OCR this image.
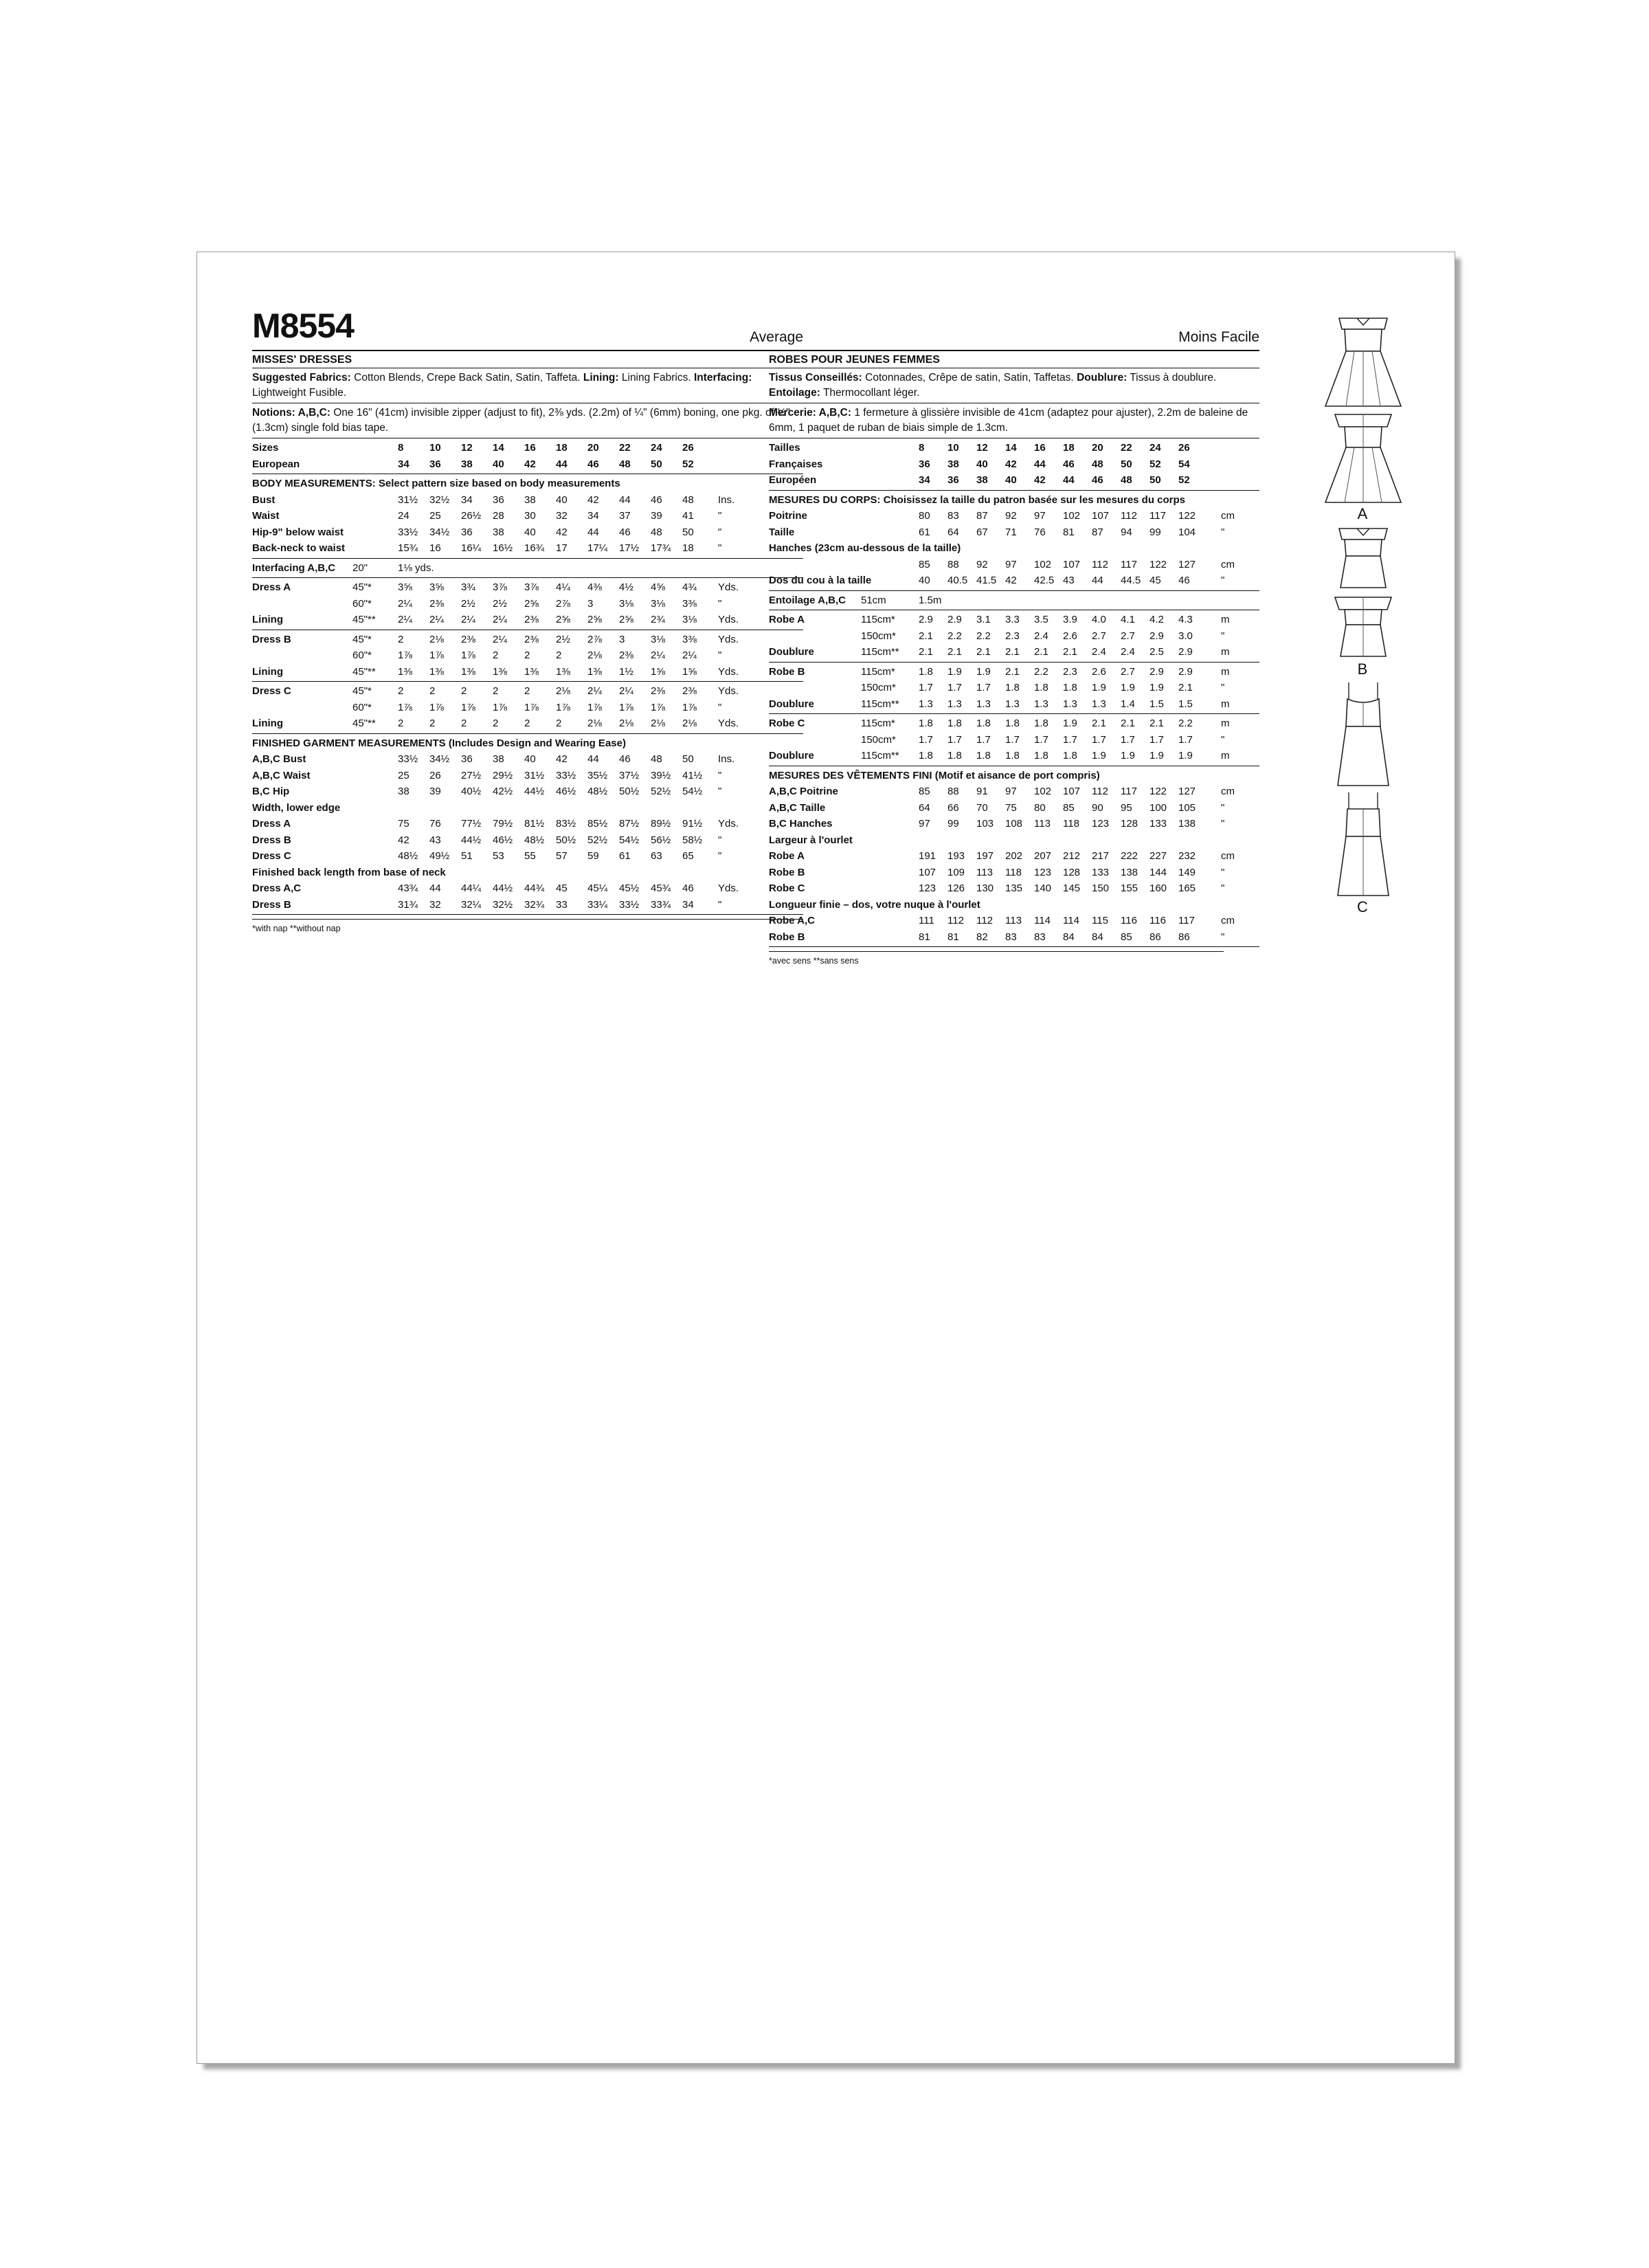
M8554	Average
MISSES' DRESSES
Suggested Fabrics: Cotton Blends, Crepe Back Satin, Satin, Taffeta. Lining: Lining Fabrics. Interfacing: Lightweight Fusible.
Notions: A,B,C: One 16" (41cm) invisible zipper (adjust to fit), 2⅜ yds. (2.2m) of ¼" (6mm) boning, one pkg. of ½" (1.3cm) single fold bias tape.
Sizes	8	10 12 14 16 18 20 22 24 26
European	34 36 38 40 42 44 46 48 50 52
BODY MEASUREMENTS: Select pattern size based on body measurements
Bust	31½ 32½ 34 36 38 40 42 44 46 48 Ins.
Waist	24 25 26½ 28 30 32 34 37 39 41 "
Hip-9" below waist	33½ 34½ 36 38 40 42 44 46 48 50 "
Back-neck to waist	15¾ 16 16¼ 16½ 16¾ 17 17¼ 17½ 17¾ 18 "
Interfacing A,B,C 20"	1⅛ yds.
Dress A	45"*	3⅝ 3⅝ 3¾ 3⅞ 3⅞ 4¼ 4⅜ 4½ 4⅝ 4¾ Yds.
60"*	2¼ 2⅜ 2½ 2½ 2⅝ 2⅞ 3	3⅛ 3⅛ 3⅜ "
Lining	45"** 2¼ 2¼ 2¼ 2¼ 2⅜ 2⅝ 2⅝ 2⅝ 2¾ 3⅛ Yds.
Dress B	45"*	2	2⅛ 2⅜ 2¼ 2⅜ 2½ 2⅞ 3	3⅛ 3⅜ Yds.
60"*	1⅞ 1⅞ 1⅞ 2	2	2	2⅛ 2⅜ 2¼ 2¼ "
Lining	45"** 1⅜ 1⅜ 1⅜ 1⅜ 1⅜ 1⅜ 1⅜ 1½ 1⅝ 1⅝ Yds.
Dress C	45"*	2	2	2	2	2	2⅛ 2¼ 2¼ 2⅜ 2⅜ Yds.
60"*	1⅞ 1⅞ 1⅞ 1⅞ 1⅞ 1⅞ 1⅞ 1⅞ 1⅞ 1⅞ "
Lining	45"** 2	2	2	2	2	2	2⅛ 2⅛ 2⅛ 2⅛ Yds.
FINISHED GARMENT MEASUREMENTS (Includes Design and Wearing Ease)
A,B,C Bust	33½ 34½ 36 38 40 42 44 46 48 50 Ins.
A,B,C Waist	25 26 27½ 29½ 31½ 33½ 35½ 37½ 39½ 41½ "
B,C Hip	38 39 40½ 42½ 44½ 46½ 48½ 50½ 52½ 54½ "
Width, lower edge
Dress A	75 76 77½ 79½ 81½ 83½ 85½ 87½ 89½ 91½ Yds.
Dress B	42 43 44½ 46½ 48½ 50½ 52½ 54½ 56½ 58½ "
Dress C	48½ 49½ 51 53 55 57 59 61 63 65 "
Finished back length from base of neck
Dress A,C	43¾ 44 44¼ 44½ 44¾ 45 45¼ 45½ 45¾ 46 Yds.
Dress B	31¾ 32 32¼ 32½ 32¾ 33 33¼ 33½ 33¾ 34 "
*with nap **without nap
Moins Facile
ROBES POUR JEUNES FEMMES
Tissus Conseillés: Cotonnades, Crêpe de satin, Satin, Taffetas. Doublure: Tissus à doublure. Entoilage: Thermocollant léger.
Mercerie: A,B,C: 1 fermeture à glissière invisible de 41cm (adaptez pour ajuster), 2.2m de baleine de 6mm, 1 paquet de ruban de biais simple de 1.3cm.
Tailles	8 10 12 14 16 18 20 22 24 26
Françaises	36 38 40 42 44 46 48 50 52 54
Européen	34 36 38 40 42 44 46 48 50 52
MESURES DU CORPS: Choisissez la taille du patron basée sur les mesures du corps
Poitrine	80 83 87 92 97 102 107 112 117 122 cm
Taille	61 64 67 71 76 81 87 94 99 104 "
Hanches (23cm au-dessous de la taille)
85 88 92 97 102 107 112 117 122 127 cm
Dos du cou à la taille	40 40.5 41.5 42 42.5 43 44 44.5 45 46	"
Entoilage A,B,C 51cm	1.5m
Robe A	115cm* 2.9 2.9 3.1 3.3 3.5 3.9 4.0 4.1 4.2 4.3	m
150cm* 2.1 2.2 2.2 2.3 2.4 2.6 2.7 2.7 2.9 3.0	"
Doublure	115cm** 2.1 2.1 2.1 2.1 2.1 2.1 2.4 2.4 2.5 2.9	m
Robe B	115cm* 1.8 1.9 1.9 2.1 2.2 2.3 2.6 2.7 2.9 2.9	m
150cm* 1.7 1.7 1.7 1.8 1.8 1.8 1.9 1.9 1.9 2.1	"
Doublure	115cm** 1.3 1.3 1.3 1.3 1.3 1.3 1.3 1.4 1.5 1.5	m
Robe C	115cm* 1.8 1.8 1.8 1.8 1.8 1.9 2.1 2.1 2.1 2.2	m
150cm* 1.7 1.7 1.7 1.7 1.7 1.7 1.7 1.7 1.7 1.7	"
Doublure	115cm** 1.8 1.8 1.8 1.8 1.8 1.8 1.9 1.9 1.9 1.9	m
MESURES DES VÊTEMENTS FINI (Motif et aisance de port compris)
A,B,C Poitrine	85 88 91 97 102 107 112 117 122 127 cm
A,B,C Taille	64 66 70 75 80 85 90 95 100 105 "
B,C Hanches	97 99 103 108 113 118 123 128 133 138 "
Largeur à l'ourlet
Robe A	191 193 197 202 207 212 217 222 227 232 cm
Robe B	107 109 113 118 123 128 133 138 144 149 "
Robe C	123 126 130 135 140 145 150 155 160 165 "
Longueur finie – dos, votre nuque à l'ourlet
Robe A,C	111 112 112 113 114 114 115 116 116 117	cm
Robe B	81 81 82 83 83 84 84 85 86 86	"
*avec sens **sans sens
A
B
C
